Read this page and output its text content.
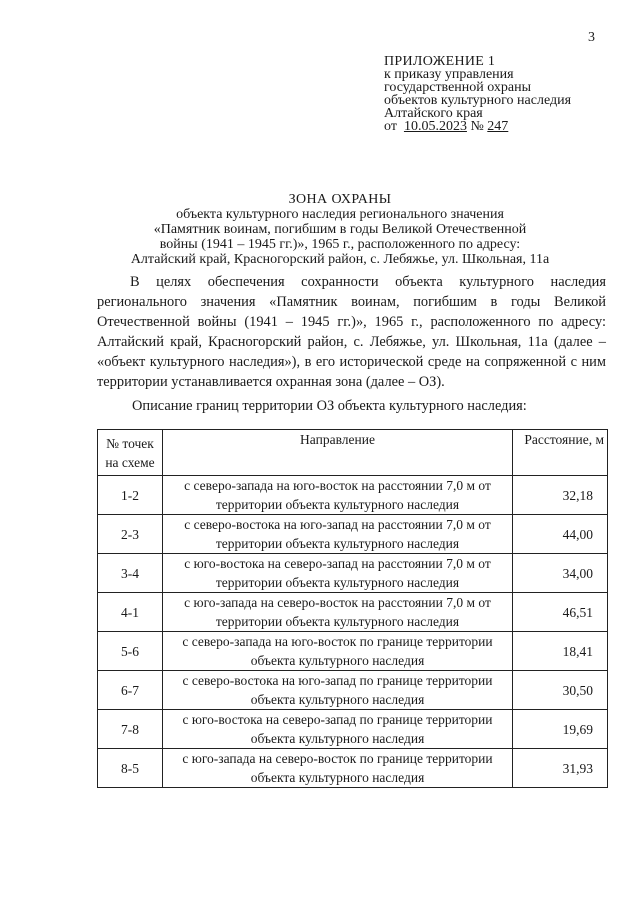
3
ПРИЛОЖЕНИЕ 1
к приказу управления
государственной охраны
объектов культурного наследия
Алтайского края
от 10.05.2023 № 247
ЗОНА ОХРАНЫ
объекта культурного наследия регионального значения
«Памятник воинам, погибшим в годы Великой Отечественной
войны (1941 – 1945 гг.)», 1965 г., расположенного по адресу:
Алтайский край, Красногорский район, с. Лебяжье, ул. Школьная, 11а
В целях обеспечения сохранности объекта культурного наследия регионального значения «Памятник воинам, погибшим в годы Великой Отечественной войны (1941 – 1945 гг.)», 1965 г., расположенного по адресу: Алтайский край, Красногорский район, с. Лебяжье, ул. Школьная, 11а (далее – «объект культурного наследия»), в его исторической среде на сопряженной с ним территории устанавливается охранная зона (далее – ОЗ).
Описание границ территории ОЗ объекта культурного наследия:
№ точек на схеме	Направление	Расстояние, м
1-2	с северо-запада на юго-восток на расстоянии 7,0 м от территории объекта культурного наследия	32,18
2-3	с северо-востока на юго-запад на расстоянии 7,0 м от территории объекта культурного наследия	44,00
3-4	с юго-востока на северо-запад на расстоянии 7,0 м от территории объекта культурного наследия	34,00
4-1	с юго-запада на северо-восток на расстоянии 7,0 м от территории объекта культурного наследия	46,51
5-6	с северо-запада на юго-восток по границе территории объекта культурного наследия	18,41
6-7	с северо-востока на юго-запад по границе территории объекта культурного наследия	30,50
7-8	с юго-востока на северо-запад по границе территории объекта культурного наследия	19,69
8-5	с юго-запада на северо-восток по границе территории объекта культурного наследия	31,93
